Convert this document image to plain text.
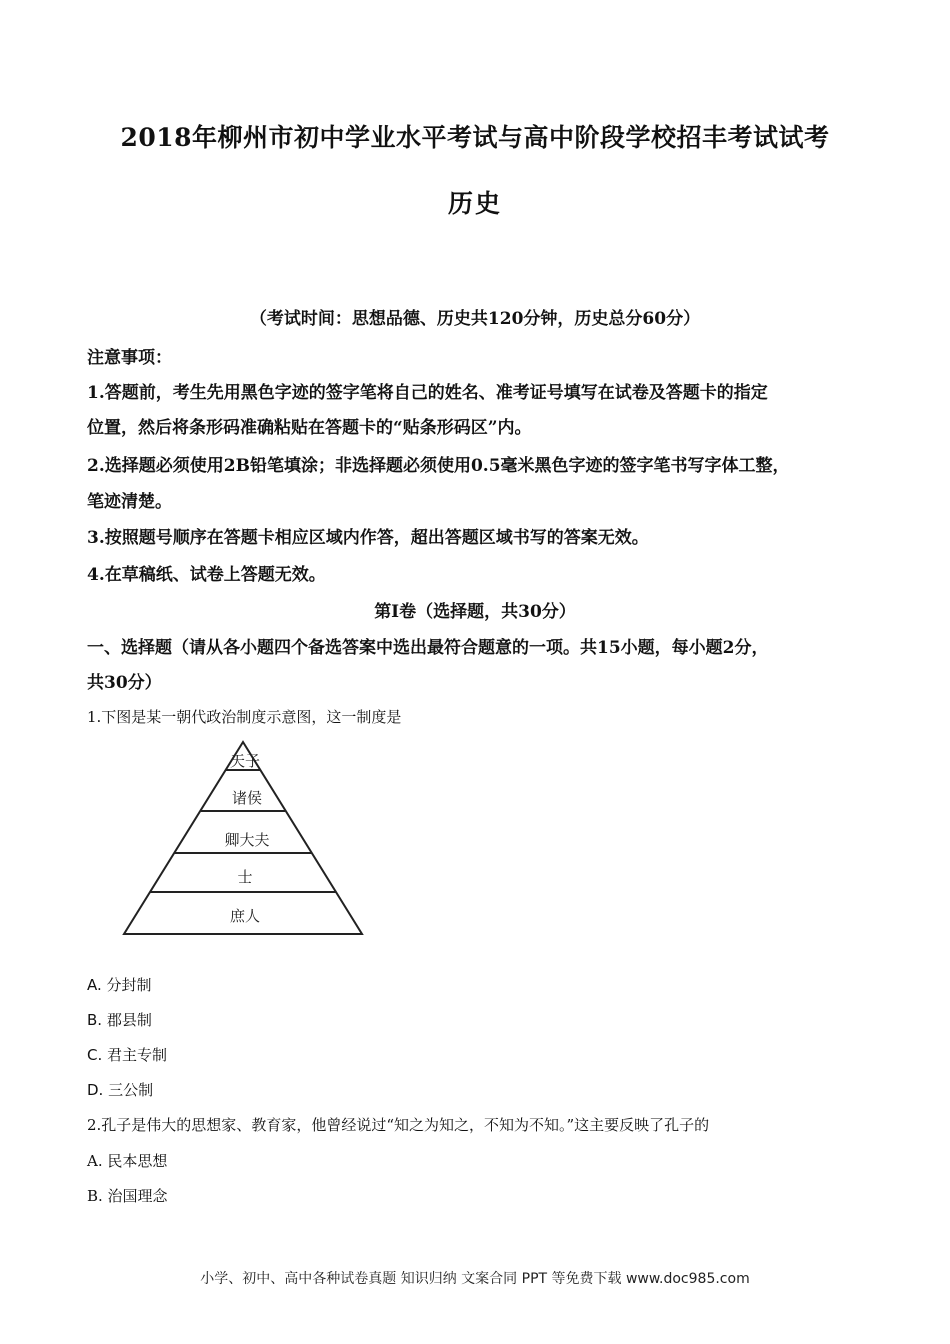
2018年柳州市初中学业水平考试与高中阶段学校招丰考试试考
历史
（考试时间：思想品德、历史共120分钟，历史总分60分）
注意事项：
1.答题前，考生先用黑色字迹的签字笔将自己的姓名、准考证号填写在试卷及答题卡的指定
位置，然后将条形码准确粘贴在答题卡的“贴条形码区”内。
2.选择题必须使用2B铅笔填涂；非选择题必须使用0.5毫米黑色字迹的签字笔书写字体工整，
笔迹清楚。
3.按照题号顺序在答题卡相应区域内作答，超出答题区域书写的答案无效。
4.在草稿纸、试卷上答题无效。
第Ⅰ卷（选择题，共30分）
一、选择题（请从各小题四个备选答案中选出最符合题意的一项。共15小题，每小题2分，
共30分）
1.下图是某一朝代政治制度示意图，这一制度是
天子
诸侯
卿大夫
士
庶人
A. 分封制
B. 郡县制
C. 君主专制
D. 三公制
2.孔子是伟大的思想家、教育家，他曾经说过“知之为知之，不知为不知。”这主要反映了孔子的
A. 民本思想
B. 治国理念
小学、初中、高中各种试卷真题 知识归纳 文案合同 PPT 等免费下载 www.doc985.com
